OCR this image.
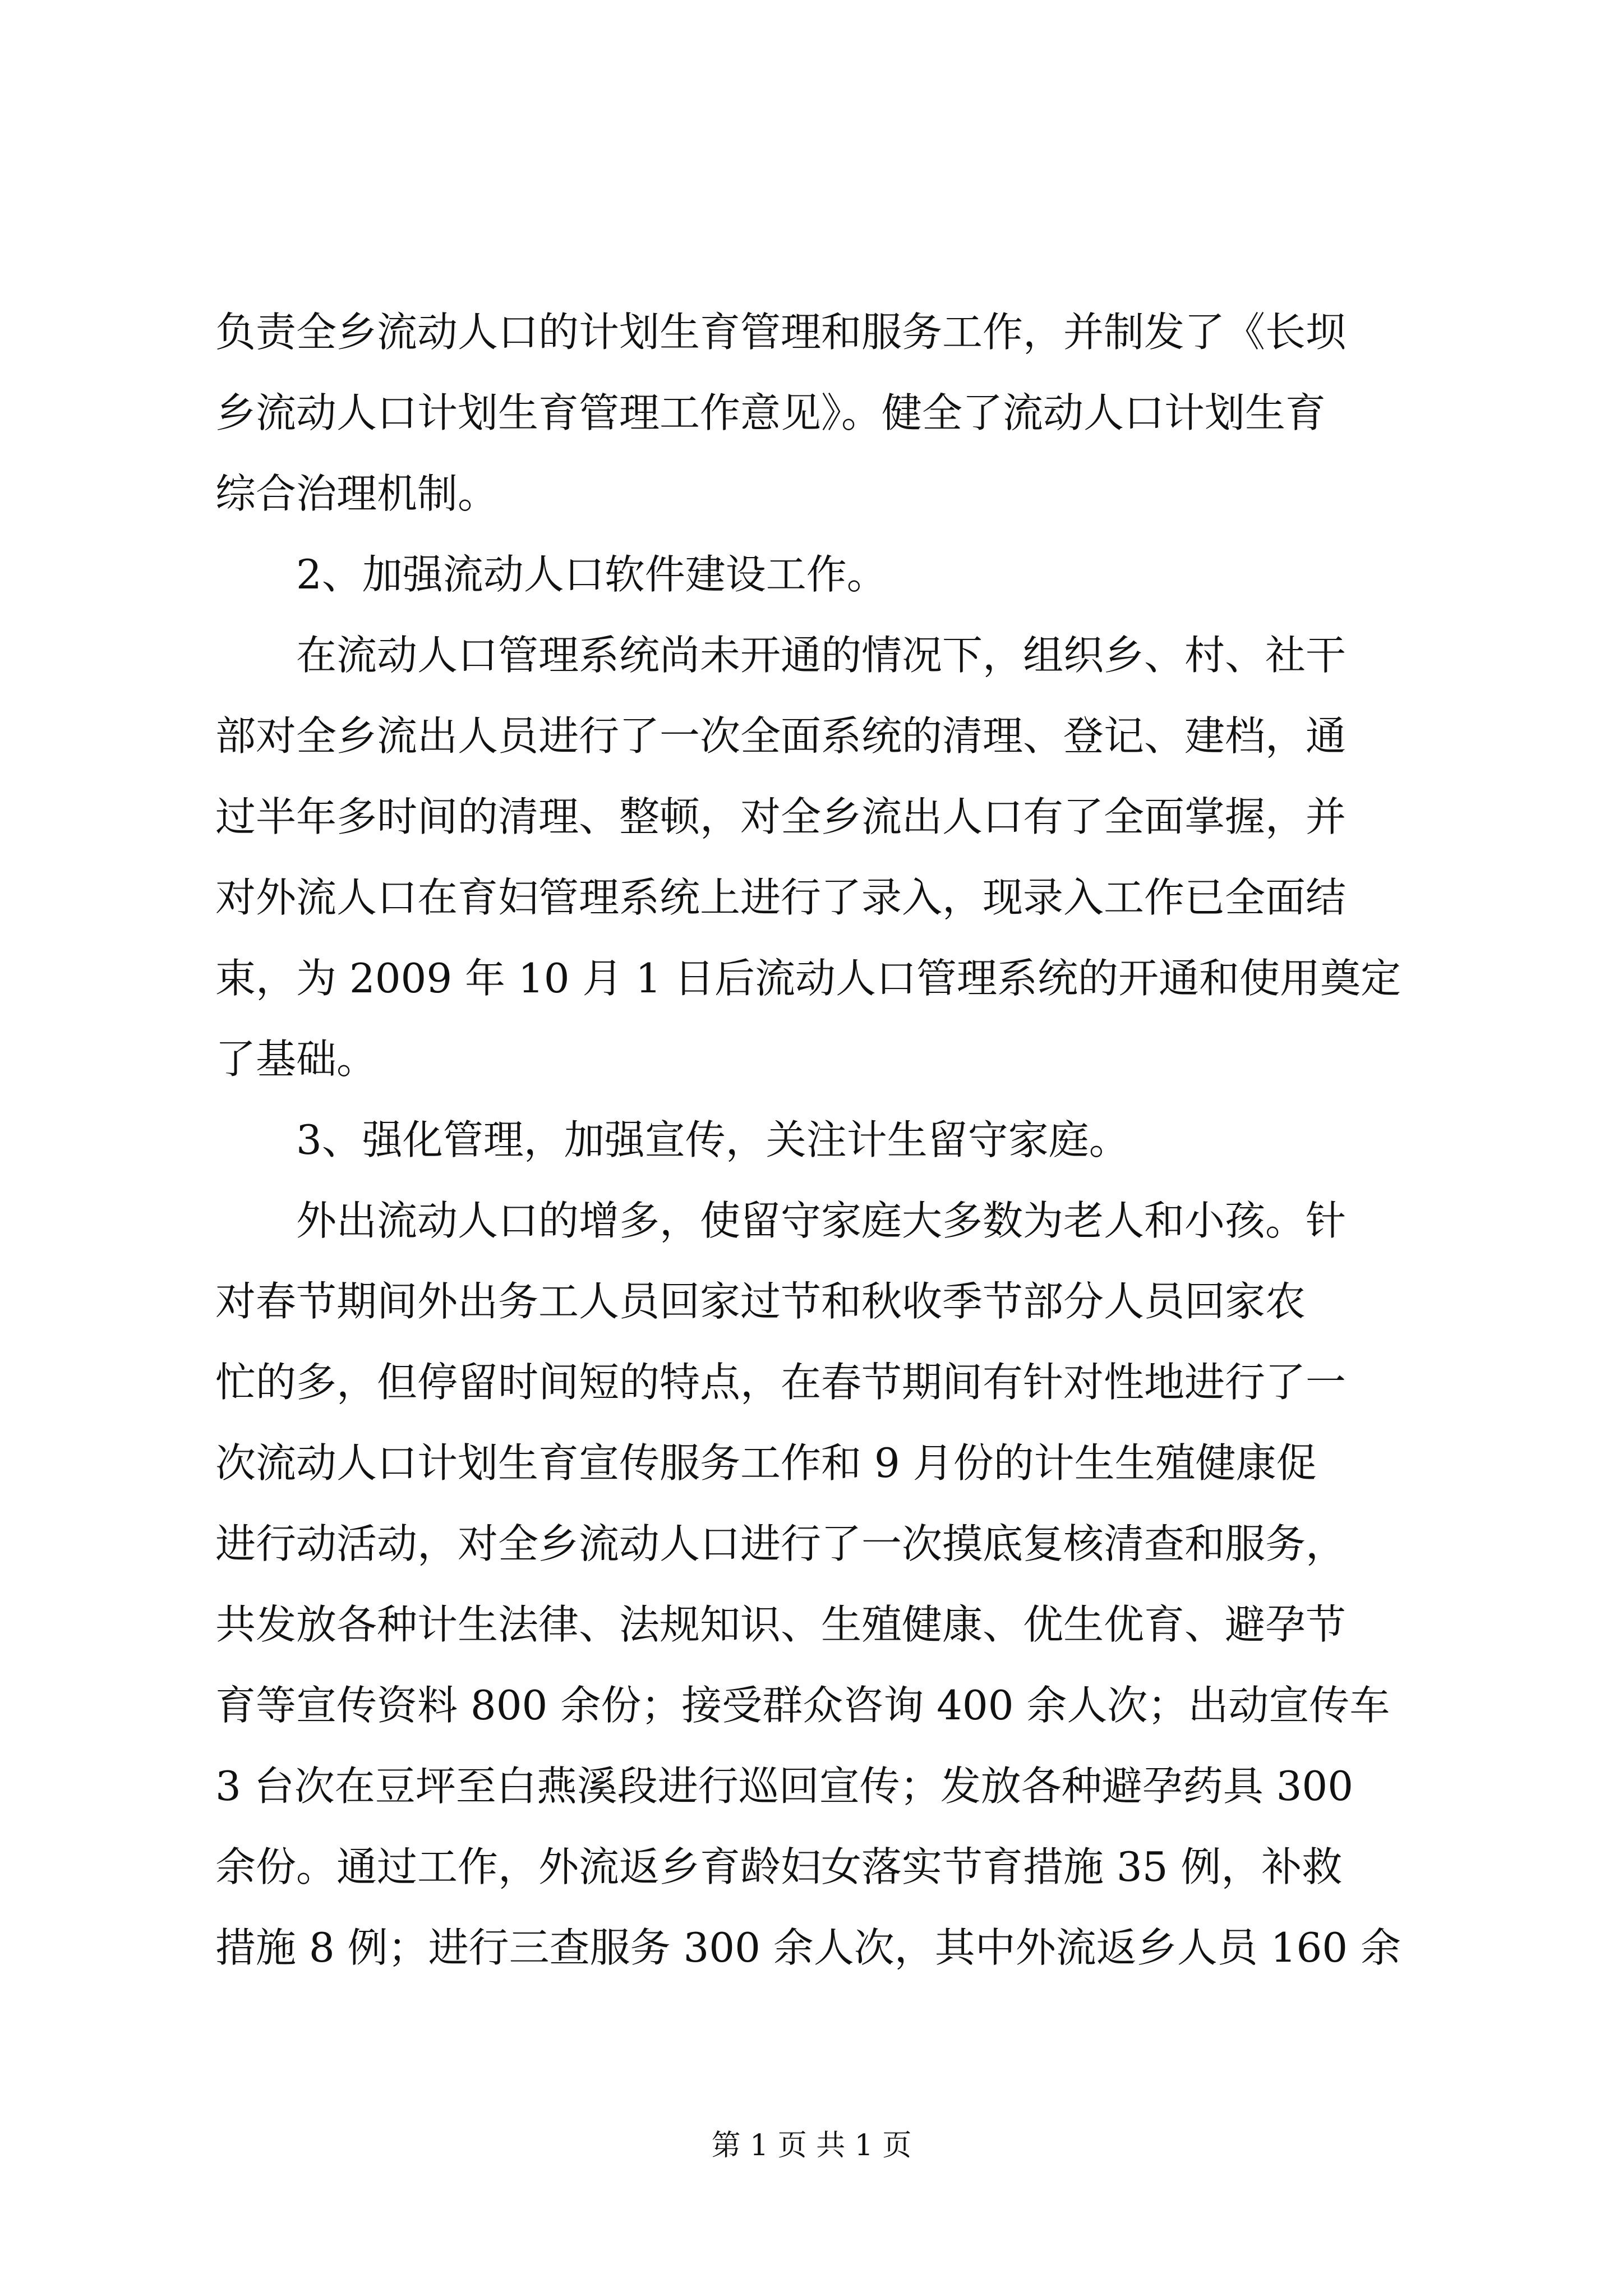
负责全乡流动人口的计划生育管理和服务工作，并制发了《长坝
乡流动人口计划生育管理工作意见》。健全了流动人口计划生育
综合治理机制。
　　2、加强流动人口软件建设工作。
　　在流动人口管理系统尚未开通的情况下，组织乡、村、社干
部对全乡流出人员进行了一次全面系统的清理、登记、建档，通
过半年多时间的清理、整顿，对全乡流出人口有了全面掌握，并
对外流人口在育妇管理系统上进行了录入，现录入工作已全面结
束，为 2009 年 10 月 1 日后流动人口管理系统的开通和使用奠定
了基础。
　　3、强化管理，加强宣传，关注计生留守家庭。
　　外出流动人口的增多，使留守家庭大多数为老人和小孩。针
对春节期间外出务工人员回家过节和秋收季节部分人员回家农
忙的多，但停留时间短的特点，在春节期间有针对性地进行了一
次流动人口计划生育宣传服务工作和 9 月份的计生生殖健康促
进行动活动，对全乡流动人口进行了一次摸底复核清查和服务，
共发放各种计生法律、法规知识、生殖健康、优生优育、避孕节
育等宣传资料 800 余份；接受群众咨询 400 余人次；出动宣传车
3 台次在豆坪至白燕溪段进行巡回宣传；发放各种避孕药具 300
余份。通过工作，外流返乡育龄妇女落实节育措施 35 例，补救
措施 8 例；进行三查服务 300 余人次，其中外流返乡人员 160 余
第 1 页 共 1 页
